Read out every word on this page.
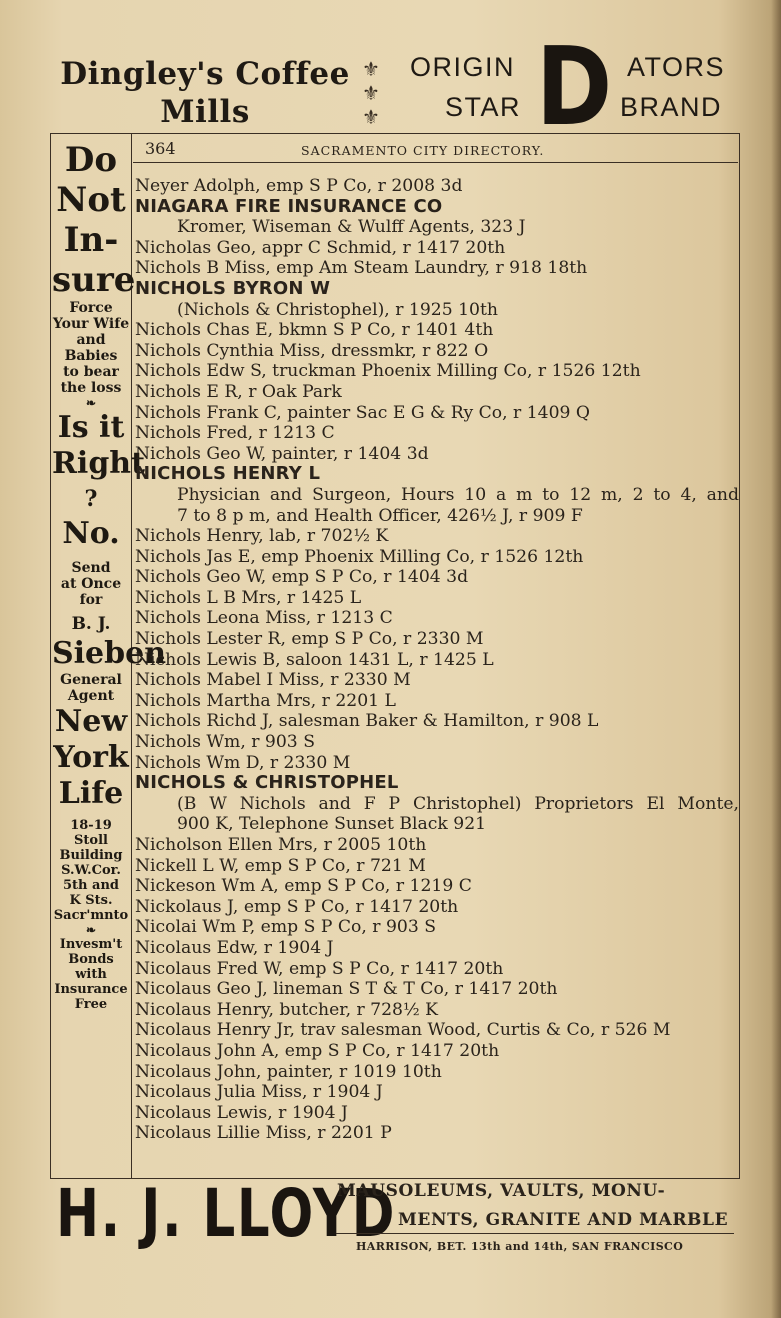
Dingley's Coffee
Mills
⚜
⚜
⚜
ORIGIN D ATORS
STAR	BRAND
364	SACRAMENTO CITY DIRECTORY.
Do
Not
In-
sure
Force
Your Wife
and
Babies
to bear
the loss
❧
Is it
Right
?
No.
Send
at Once
for
B. J.
Sieben
General
Agent
New
York
Life
18-19
Stoll
Building
S.W.Cor.
5th and
K Sts.
Sacr'mnto
❧
Invesm't
Bonds
with
Insurance
Free
Neyer Adolph, emp S P Co, r 2008 3d
NIAGARA FIRE INSURANCE CO
Kromer, Wiseman & Wulff Agents, 323 J
Nicholas Geo, appr C Schmid, r 1417 20th
Nichols B Miss, emp Am Steam Laundry, r 918 18th
NICHOLS BYRON W
(Nichols & Christophel), r 1925 10th
Nichols Chas E, bkmn S P Co, r 1401 4th
Nichols Cynthia Miss, dressmkr, r 822 O
Nichols Edw S, truckman Phoenix Milling Co, r 1526 12th
Nichols E R, r Oak Park
Nichols Frank C, painter Sac E G & Ry Co, r 1409 Q
Nichols Fred, r 1213 C
Nichols Geo W, painter, r 1404 3d
NICHOLS HENRY L
Physician and Surgeon, Hours 10 a m to 12 m, 2 to 4, and
7 to 8 p m, and Health Officer, 426½ J, r 909 F
Nichols Henry, lab, r 702½ K
Nichols Jas E, emp Phoenix Milling Co, r 1526 12th
Nichols Geo W, emp S P Co, r 1404 3d
Nichols L B Mrs, r 1425 L
Nichols Leona Miss, r 1213 C
Nichols Lester R, emp S P Co, r 2330 M
Nichols Lewis B, saloon 1431 L, r 1425 L
Nichols Mabel I Miss, r 2330 M
Nichols Martha Mrs, r 2201 L
Nichols Richd J, salesman Baker & Hamilton, r 908 L
Nichols Wm, r 903 S
Nichols Wm D, r 2330 M
NICHOLS & CHRISTOPHEL
(B W Nichols and F P Christophel) Proprietors El Monte,
900 K, Telephone Sunset Black 921
Nicholson Ellen Mrs, r 2005 10th
Nickell L W, emp S P Co, r 721 M
Nickeson Wm A, emp S P Co, r 1219 C
Nickolaus J, emp S P Co, r 1417 20th
Nicolai Wm P, emp S P Co, r 903 S
Nicolaus Edw, r 1904 J
Nicolaus Fred W, emp S P Co, r 1417 20th
Nicolaus Geo J, lineman S T & T Co, r 1417 20th
Nicolaus Henry, butcher, r 728½ K
Nicolaus Henry Jr, trav salesman Wood, Curtis & Co, r 526 M
Nicolaus John A, emp S P Co, r 1417 20th
Nicolaus John, painter, r 1019 10th
Nicolaus Julia Miss, r 1904 J
Nicolaus Lewis, r 1904 J
Nicolaus Lillie Miss, r 2201 P
H. J. LLOYD
MAUSOLEUMS, VAULTS, MONU-
MENTS, GRANITE AND MARBLE
HARRISON, BET. 13th and 14th, SAN FRANCISCO
